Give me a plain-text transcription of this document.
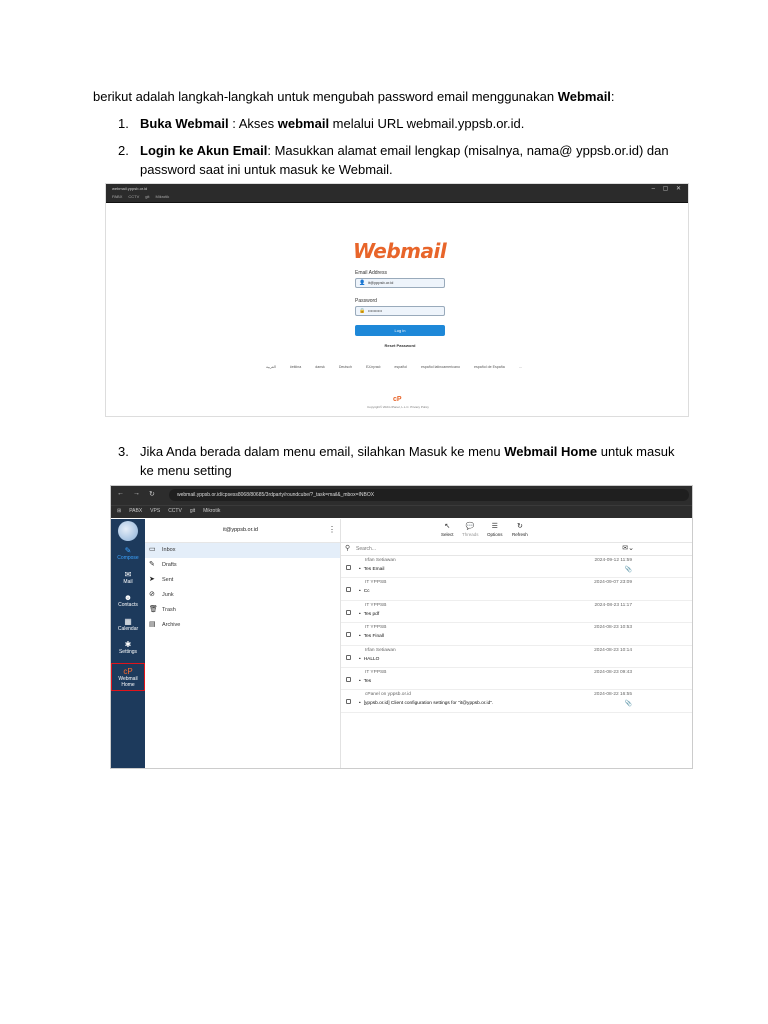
berikut adalah langkah-langkah untuk mengubah password email menggunakan Webmail:
1. Buka Webmail : Akses webmail melalui URL webmail.yppsb.or.id.
2. Login ke Akun Email: Masukkan alamat email lengkap (misalnya, nama@ yppsb.or.id) dan password saat ini untuk masuk ke Webmail.
webmail.yppsb.or.id
PABX CCTV git Mikrotik
– ▢ ✕
Webmail
Email Address
👤 it@yppsb.or.id
Password
🔒 ••••••••••
Log in
Reset Password
العربية	čeština	dansk	Deutsch	Ελληνικά	español	español latinoamericano	español de España	...
cP
Copyright© 2024 cPanel, L.L.C. Privacy Policy
3. Jika Anda berada dalam menu email, silahkan Masuk ke menu Webmail Home untuk masuk ke menu setting
← → ↻	webmail.yppsb.or.id/cpsess8068/80685/3rdparty/roundcube/?_task=mail&_mbox=INBOX
⊞ PABX VPS CCTV git Mikrotik
✎
Compose
✉
Mail
☻
Contacts
▦
Calendar
✱
Settings
cP
Webmail Home
it@yppsb.or.id	⋮
▭ Inbox
✎ Drafts
➤ Sent
⊘ Junk
🗑 Trash
▤ Archive
↖
Select
💬
Threads
☰
Options
↻
Refresh
⚲ Search...	✉⌄
Irfan Setiawan	2024-09-12 11:59
• Tes Email	📎
IT YPPSB	2024-09-07 23:09
• Cc
IT YPPSB	2024-08-23 11:17
• Tes pdf
IT YPPSB	2024-08-23 10:53
• Tes Finall
Irfan Setiawan	2024-08-23 10:14
• HALLO
IT YPPSB	2024-08-23 09:43
• Tes
cPanel on yppsb.or.id	2024-08-22 16:55
• [yppsb.or.id] Client configuration settings for "it@yppsb.or.id".	📎
